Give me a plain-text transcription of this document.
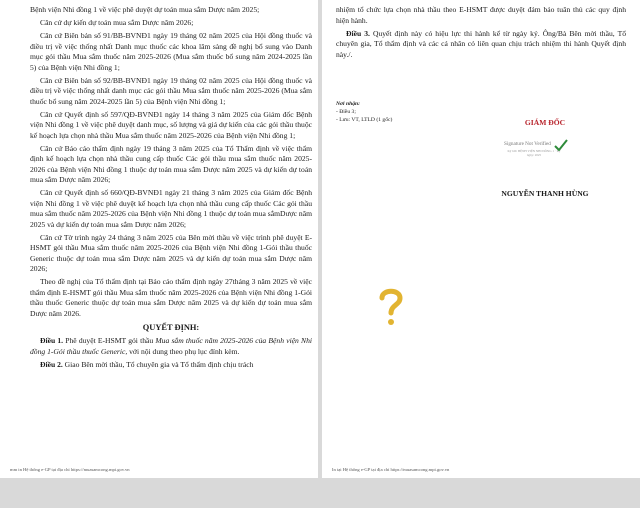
Bệnh viện Nhi đồng 1 về việc phê duyệt dự toán mua sắm Dược năm 2025;

Căn cứ dự kiến dự toán mua sắm Dược năm 2026;

Căn cứ Biên bản số 91/BB-BVNĐ1 ngày 19 tháng 02 năm 2025 của Hội đồng thuốc và điều trị về việc thống nhất Danh mục thuốc các khoa lâm sàng đề nghị bổ sung vào Danh mục gói thầu Mua sắm thuốc năm 2025-2026 (Mua sắm thuốc bổ sung năm 2024-2025 lần 5) của Bệnh viện Nhi đồng 1;

Căn cứ Biên bản số 92/BB-BVNĐ1 ngày 19 tháng 02 năm 2025 của Hội đồng thuốc và điều trị về việc thống nhất danh mục các gói thầu Mua sắm thuốc năm 2025-2026 (Mua sắm thuốc bổ sung năm 2024-2025 lần 5) của Bệnh viện Nhi đồng 1;

Căn cứ Quyết định số 597/QĐ-BVNĐ1 ngày 14 tháng 3 năm 2025 của Giám đốc Bệnh viện Nhi đồng 1 về việc phê duyệt danh mục, số lượng và giá dự kiến của các gói thầu thuộc kế hoạch lựa chọn nhà thầu Mua sắm thuốc năm 2025-2026 của Bệnh viện Nhi đồng 1;

Căn cứ Báo cáo thẩm định ngày 19 tháng 3 năm 2025 của Tổ Thẩm định về việc thẩm định kế hoạch lựa chọn nhà thầu cung cấp thuốc Các gói thầu mua sắm thuốc năm 2025-2026 của Bệnh viện Nhi đồng 1 thuộc dự toán mua sắm Dược năm 2025 và dự kiến dự toán mua sắm Dược năm 2026;

Căn cứ Quyết định số 660/QĐ-BVNĐ1 ngày 21 tháng 3 năm 2025 của Giám đốc Bệnh viện Nhi đồng 1 về việc phê duyệt kế hoạch lựa chọn nhà thầu cung cấp thuốc Các gói thầu mua sắm thuốc năm 2025-2026 của Bệnh viện Nhi đồng 1 thuộc dự toán mua sắmDược năm 2025 và dự kiến dự toán mua sắm Dược năm 2026;

Căn cứ Tờ trình ngày 24 tháng 3 năm 2025 của Bên mời thầu về việc trình phê duyệt E-HSMT gói thầu Mua sắm thuốc năm 2025-2026 của Bệnh viện Nhi đồng 1-Gói thầu thuốc Generic thuộc dự toán mua sắm Dược năm 2025 và dự kiến dự toán mua sắm Dược năm 2026;

Theo đề nghị của Tổ thẩm định tại Báo cáo thẩm định ngày 27tháng 3 năm 2025 về việc thẩm định E-HSMT gói thầu Mua sắm thuốc năm 2025-2026 của Bệnh viện Nhi đồng 1-Gói thầu thuốc Generic thuộc dự toán mua sắm Dược năm 2025 và dự kiến dự toán mua sắm Dược năm 2026.

QUYẾT ĐỊNH:

Điều 1. Phê duyệt E-HSMT gói thầu Mua sắm thuốc năm 2025-2026 của Bệnh viện Nhi đồng 1-Gói thầu thuốc Generic, với nội dung theo phụ lục đính kèm.

Điều 2. Giao Bên mời thầu, Tổ chuyên gia và Tổ thẩm định chịu trách

mm in Hệ thống e-GP tại địa chỉ https://muasamcong.mpi.gov.vn

nhiệm tổ chức lựa chọn nhà thầu theo E-HSMT được duyệt đảm bảo tuân thủ các quy định hiện hành.

Điều 3. Quyết định này có hiệu lực thi hành kể từ ngày ký. Ông/Bà Bên mời thầu, Tổ chuyên gia, Tổ thẩm định và các cá nhân có liên quan chịu trách nhiệm thi hành Quyết định này./.

Nơi nhận:
- Điều 3;
- Lưu: VT, LTLD (1 gốc)	GIÁM ĐỐC
Signature Not Verified
Ký bởi: BỆNH VIỆN NHI ĐỒNG 1 · Ký ngày: 2025
NGUYỄN THANH HÙNG
In tại Hệ thống e-GP tại địa chỉ https://muasamcong.mpi.gov.vn
